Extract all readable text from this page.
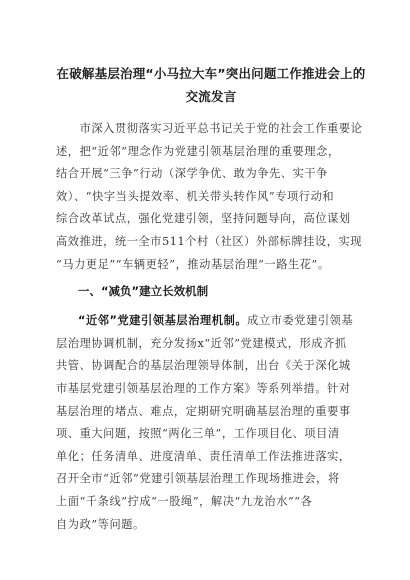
在破解基层治理“小马拉大车”突出问题工作推进会上的
交流发言
　　市深入贯彻落实习近平总书记关于党的社会工作重要论
述，把“近邻”理念作为党建引领基层治理的重要理念，
结合开展“三争”行动（深学争优、敢为争先、实干争
效）、“快字当头提效率、机关带头转作风”专项行动和
综合改革试点，强化党建引领，坚持问题导向，高位谋划
高效推进，统一全市511个村（社区）外部标牌挂设，实现
“马力更足”“车辆更轻”，推动基层治理“一路生花”。
一、“减负”建立长效机制
“近邻”党建引领基层治理机制。成立市委党建引领基
层治理协调机制，充分发扬x“近邻”党建模式，形成齐抓
共管、协调配合的基层治理领导体制，出台《关于深化城
市基层党建引领基层治理的工作方案》等系列举措。针对
基层治理的堵点、难点，定期研究明确基层治理的重要事
项、重大问题，按照“两化三单”，工作项目化、项目清
单化；任务清单、进度清单、责任清单工作法推进落实，
召开全市“近邻”党建引领基层治理工作现场推进会，将
上面“千条线”拧成“一股绳”，解决“九龙治水”“各
自为政”等问题。
